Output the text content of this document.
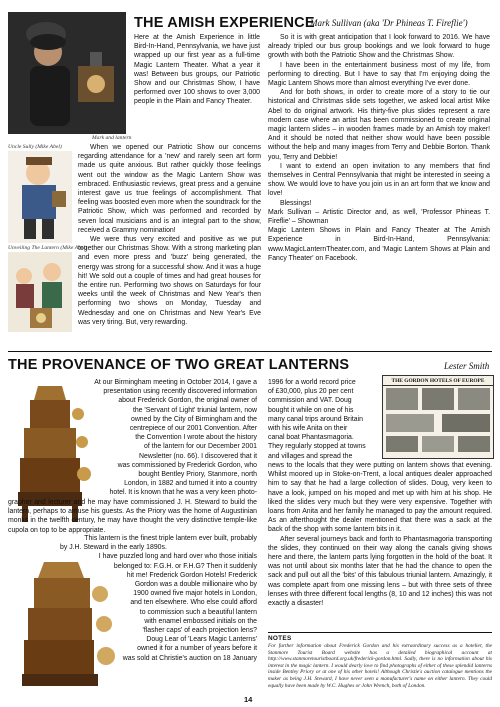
Mark and lantern
Uncle Sully (Mike Abel)
Unveiling The Lantern (Mike Abel)
THE AMISH EXPERIENCE
Mark Sullivan (aka 'Dr Phineas T. Fireflie')

Here at the Amish Experience in little Bird-In-Hand, Pennsylvania, we have just wrapped up our first year as a full-time Magic Lantern Theater. What a year it was! Between bus groups, our Patriotic Show and our Christmas Show, I have performed over 100 shows to over 3,000 people in the Plain and Fancy Theater.

When we opened our Patriotic Show our concerns regarding attendance for a 'new' and rarely seen art form made us quite anxious. But rather quickly those feelings went out the window as the Magic Lantern Show was embraced. Enthusiastic reviews, great press and a genuine interest gave us true feelings of accomplishment. That feeling was boosted even more when the soundtrack for the Patriotic Show, which was performed and recorded by seven local musicians and is an integral part to the show, received a Grammy nomination!

We were thus very excited and positive as we put together our Christmas Show. With a strong marketing plan and even more press and 'buzz' being generated, the energy was strong for a successful show. And it was a huge hit! We sold out a couple of times and had great houses for the entire run. Performing two shows on Saturdays for four weeks until the week of Christmas and New Year's then performing two shows on Monday, Tuesday and Wednesday and one on Christmas and New Year's Eve was very tiring. But, very rewarding.

So it is with great anticipation that I look forward to 2016. We have already tripled our bus group bookings and we look forward to huge growth with both the Patriotic Show and the Christmas Show.

I have been in the entertainment business most of my life, from performing to directing. But I have to say that I'm enjoying doing the Magic Lantern Shows more than almost everything I've ever done.

And for both shows, in order to create more of a story to tie our historical and Christmas slide sets together, we asked local artist Mike Abel to do original artwork. His thirty-five plus slides represent a rare modern case where an artist has been commissioned to create original magic lantern slides – in wooden frames made by an Amish toy maker! And it should be noted that neither show would have been possible without the help and many images from Terry and Debbie Borton. Thank you, Terry and Debbie!

I want to extend an open invitation to any members that find themselves in Central Pennsylvania that might be interested in seeing a show. We would love to have you join us in an art form that we know and love!

Blessings!

Mark Sullivan – Artistic Director and, as well, 'Professor Phineas T. Fireflie' – Showman

Magic Lantern Shows in Plain and Fancy Theater at The Amish Experience in Bird-In-Hand, Pennsylvania: www.MagicLanternTheater.com, and 'Magic Lantern Shows at Plain and Fancy Theater' on Facebook.

THE PROVENANCE OF TWO GREAT LANTERNS	Lester Smith
At our Birmingham meeting in October 2014, I gave a
presentation using recently discovered information
about Frederick Gordon, the original owner of
the 'Servant of Light' triunial lantern, now
owned by the City of Birmingham and the
centrepiece of our 2001 Convention. After
the Convention I wrote about the history
of the lantern for our December 2001
Newsletter (no. 66). I discovered that it
was commissioned by Frederick Gordon, who
bought Bentley Priory, Stanmore, north
London, in 1882 and turned it into a country
hotel. It is known that he was a very keen photo-

grapher and lecturer and he may have commissioned J. H. Steward to build the lantern, perhaps to amuse his guests. As the Priory was the home of Augustinian monks in the twelfth century, he may have thought the very distinctive temple-like cupola on top to be appropriate.

This lantern is the finest triple lantern ever built, probably
by J.H. Steward in the early 1890s.
I have puzzled long and hard over who those initials
belonged to: F.G.H. or F.H.G? Then it suddenly
hit me! Frederick Gordon Hotels! Frederick
Gordon was a double millionaire who by
1900 owned five major hotels in London,
and ten elsewhere. Who else could afford
to commission such a beautiful lantern
with enamel embossed initials on the
'flasher caps' of each projection lens?
Doug Lear of 'Lears Magic Lanterns'
owned it for a number of years before it
was sold at Christie's auction on 18 January
THE GORDON HOTELS OF EUROPE
1996 for a world record price
of £30,000, plus 20 per cent
commission and VAT. Doug
bought it while on one of his
many canal trips around Britain
with his wife Anita on their
canal boat Phantasmagoria.
They regularly stopped at towns
and villages and spread the

news to the locals that they were putting on lantern shows that evening. Whilst moored up in Stoke-on-Trent, a local antiques dealer approached him to say that he had a large collection of slides. Doug, very keen to have a look, jumped on his moped and met up with him at his shop. He liked the slides very much but they were very expensive. Together with loans from Anita and her family he managed to pay the amount required. As an afterthought the dealer mentioned that there was a sack at the back of the shop with some lantern bits in it.

After several journeys back and forth to Phantasmagoria transporting the slides, they continued on their way along the canals giving shows here and there, the lantern parts lying forgotten in the hold of the boat. It was not until about six months later that he had the chance to open the sack and pull out all the 'bits' of this fabulous triunial lantern. Amazingly, it was complete apart from one missing lens – but with three sets of three lenses with three different focal lengths (8, 10 and 12 inches) this was not exactly a disaster!

NOTES
For further information about Frederick Gordon and his extraordinary success as a hotelier, the Stanmore Tourist Board website has a detailed biographical account at http://www.stanmoretouristboard.org.uk/frederick-gordon.html. Sadly, there is no information about his interest in the magic lantern. I would dearly love to find photographs of either of these splendid lanterns inside Bentley Priory or at one of his other hotels! Although Christie's auction catalogue mentions the maker as being J.H. Steward, I have never seen a manufacturer's name on either lantern. They could equally have been made by W.C. Hughes or John Wrench, both of London.
14
